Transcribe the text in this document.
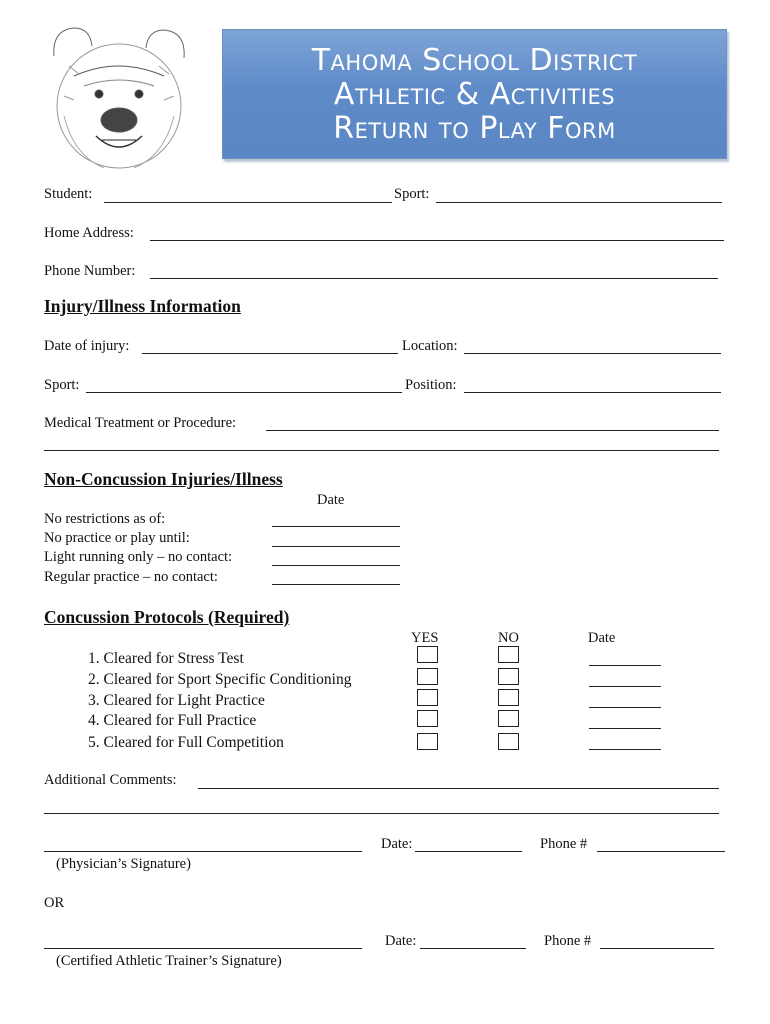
Tahoma School District
Athletic & Activities
Return to Play Form
Student:	Sport:
Home Address:
Phone Number:
Injury/Illness Information
Date of injury:	Location:
Sport:	Position:
Medical Treatment or Procedure:
Non-Concussion Injuries/Illness
Date
No restrictions as of:
No practice or play until:
Light running only – no contact:
Regular practice – no contact:
Concussion Protocols (Required)
YES	NO	Date
1. Cleared for Stress Test
2. Cleared for Sport Specific Conditioning
3. Cleared for Light Practice
4. Cleared for Full Practice
5. Cleared for Full Competition
Additional Comments:
Date:	Phone #
(Physician’s Signature)
OR
Date:	Phone #
(Certified Athletic Trainer’s Signature)
